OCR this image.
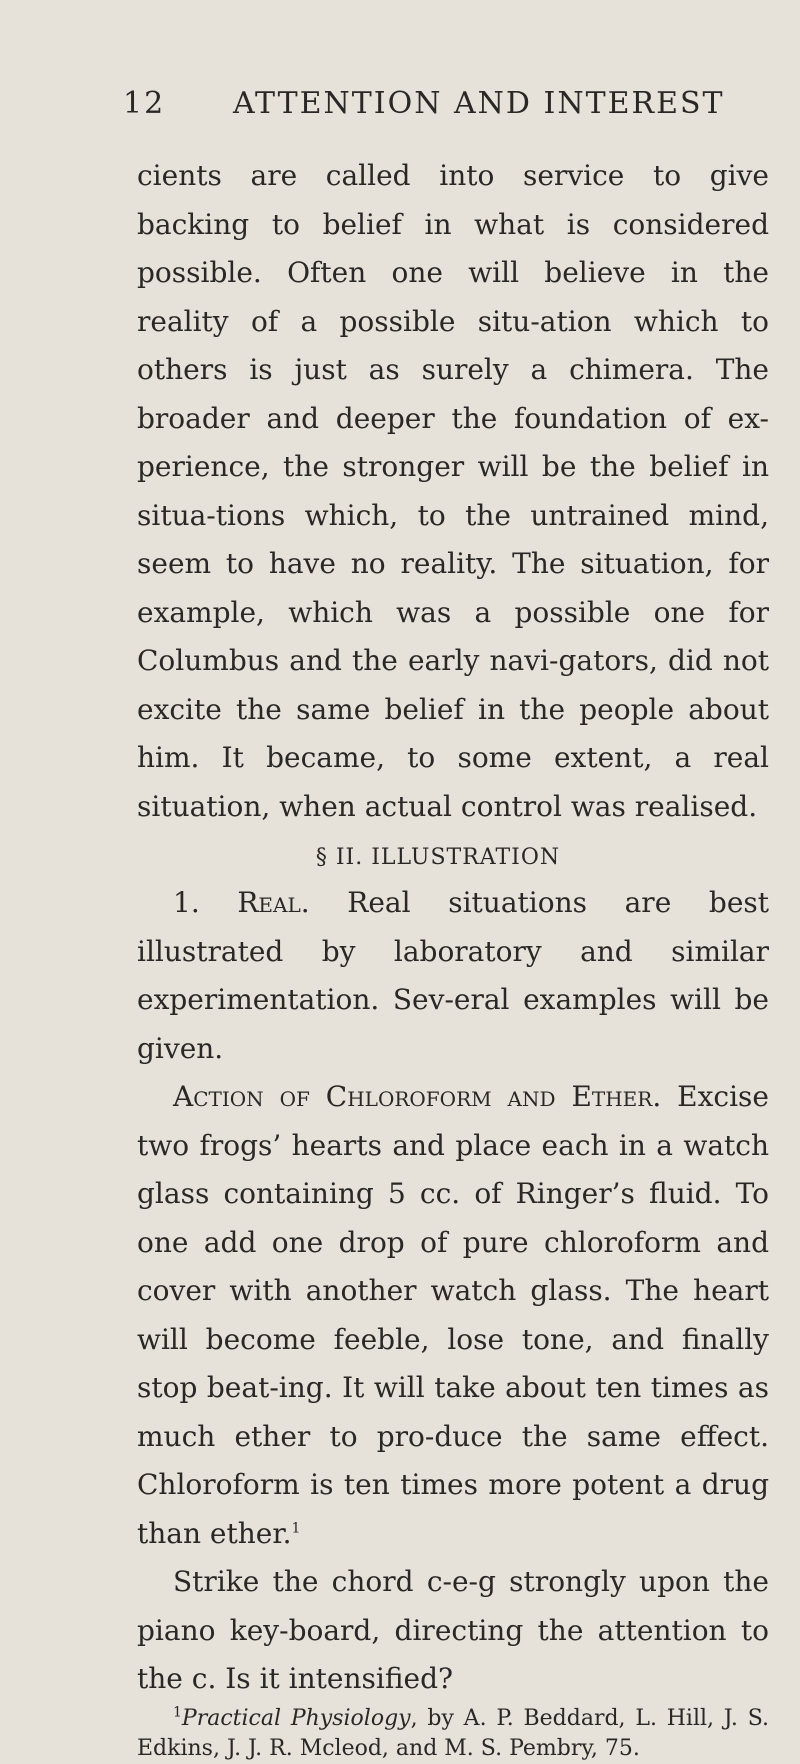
12 ATTENTION AND INTEREST

cients are called into service to give backing to belief in what is considered possible. Often one will believe in the reality of a possible situ-ation which to others is just as surely a chimera. The broader and deeper the foundation of ex-perience, the stronger will be the belief in situa-tions which, to the untrained mind, seem to have no reality. The situation, for example, which was a possible one for Columbus and the early navi-gators, did not excite the same belief in the people about him. It became, to some extent, a real situation, when actual control was realised.

§ II. ILLUSTRATION

1. Real. Real situations are best illustrated by laboratory and similar experimentation. Sev-eral examples will be given.

Action of Chloroform and Ether. Excise two frogs’ hearts and place each in a watch glass containing 5 cc. of Ringer’s fluid. To one add one drop of pure chloroform and cover with another watch glass. The heart will become feeble, lose tone, and finally stop beat-ing. It will take about ten times as much ether to pro-duce the same effect. Chloroform is ten times more potent a drug than ether.$^1$

Strike the chord c-e-g strongly upon the piano key-board, directing the attention to the c. Is it intensified?

$^1$Practical Physiology, by A. P. Beddard, L. Hill, J. S. Edkins, J. J. R. Mcleod, and M. S. Pembry, 75.
